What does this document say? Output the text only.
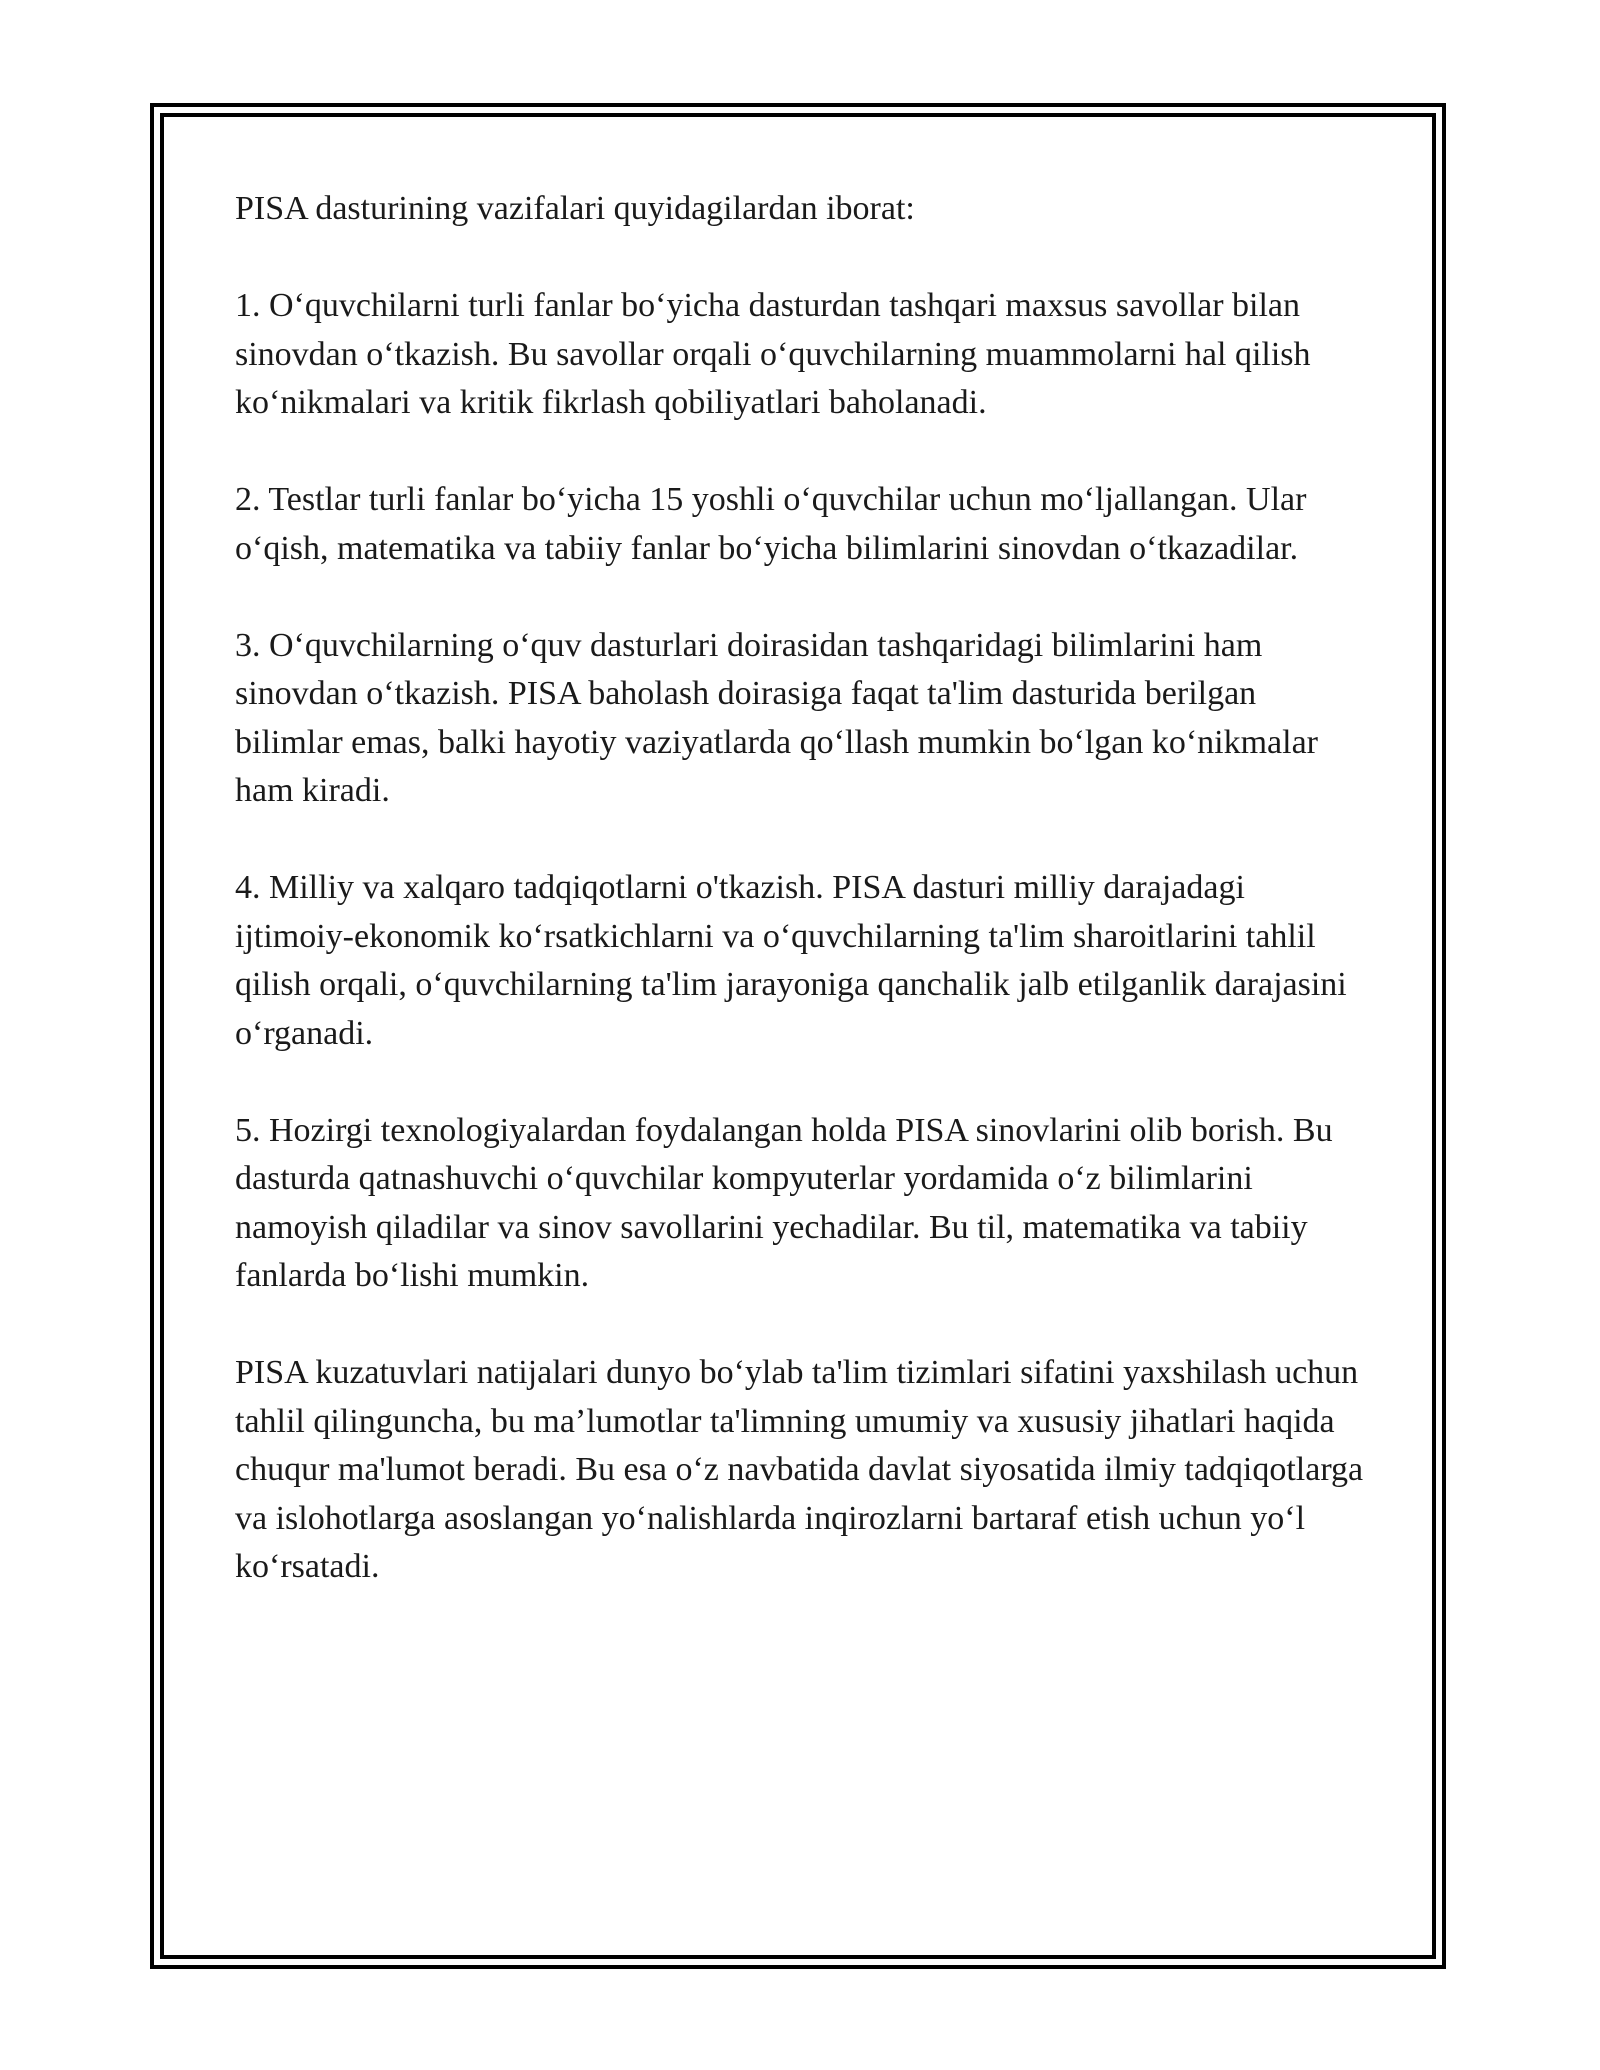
PISA dasturining vazifalari quyidagilardan iborat:

1. O‘quvchilarni turli fanlar bo‘yicha dasturdan tashqari maxsus savollar bilan sinovdan o‘tkazish. Bu savollar orqali o‘quvchilarning muammolarni hal qilish ko‘nikmalari va kritik fikrlash qobiliyatlari baholanadi.

2. Testlar turli fanlar bo‘yicha 15 yoshli o‘quvchilar uchun mo‘ljallangan. Ular o‘qish, matematika va tabiiy fanlar bo‘yicha bilimlarini sinovdan o‘tkazadilar.

3. O‘quvchilarning o‘quv dasturlari doirasidan tashqaridagi bilimlarini ham sinovdan o‘tkazish. PISA baholash doirasiga faqat ta'lim dasturida berilgan bilimlar emas, balki hayotiy vaziyatlarda qo‘llash mumkin bo‘lgan ko‘nikmalar ham kiradi.

4. Milliy va xalqaro tadqiqotlarni o'tkazish. PISA dasturi milliy darajadagi ijtimoiy-ekonomik ko‘rsatkichlarni va o‘quvchilarning ta'lim sharoitlarini tahlil qilish orqali, o‘quvchilarning ta'lim jarayoniga qanchalik jalb etilganlik darajasini o‘rganadi.

5. Hozirgi texnologiyalardan foydalangan holda PISA sinovlarini olib borish. Bu dasturda qatnashuvchi o‘quvchilar kompyuterlar yordamida o‘z bilimlarini namoyish qiladilar va sinov savollarini yechadilar. Bu til, matematika va tabiiy fanlarda bo‘lishi mumkin.

PISA kuzatuvlari natijalari dunyo bo‘ylab ta'lim tizimlari sifatini yaxshilash uchun tahlil qilinguncha, bu ma’lumotlar ta'limning umumiy va xususiy jihatlari haqida chuqur ma'lumot beradi. Bu esa o‘z navbatida davlat siyosatida ilmiy tadqiqotlarga va islohotlarga asoslangan yo‘nalishlarda inqirozlarni bartaraf etish uchun yo‘l ko‘rsatadi.
